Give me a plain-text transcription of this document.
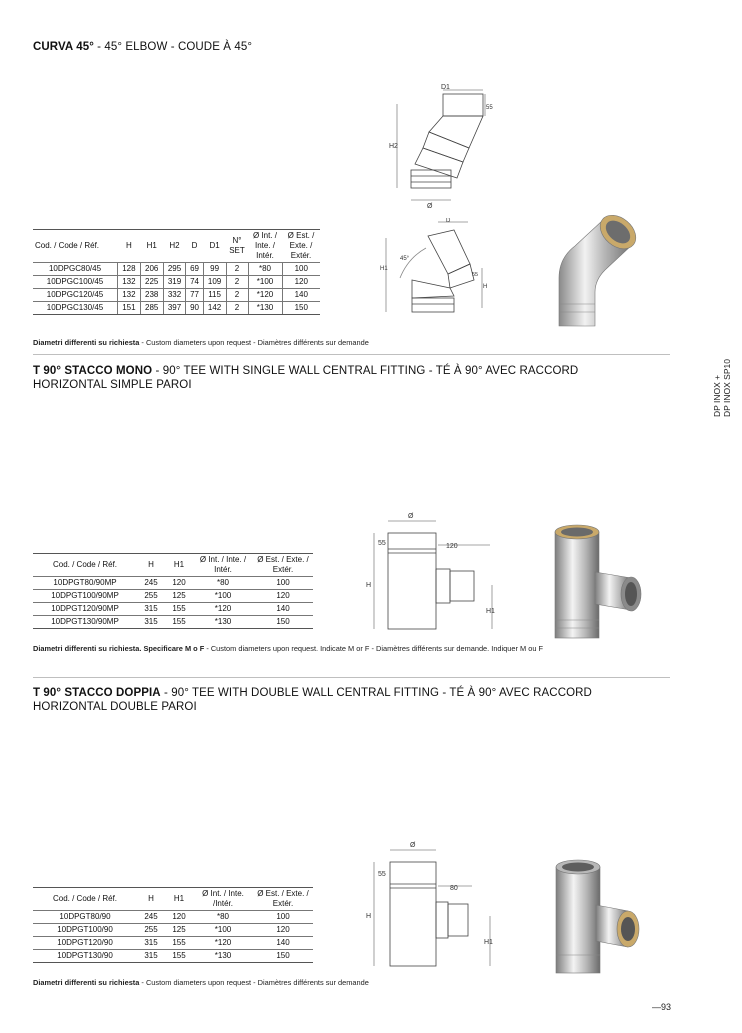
CURVA 45° - 45° ELBOW - COUDE À 45°
D1
55
H2
Ø
D
H1
45°
H
55
Cod. / Code / Réf.	H	H1	H2	D	D1	N° SET	Ø Int. / Inte. / Intér.	Ø Est. / Exte. / Extér.
10DPGC80/45	128	206	295	69	99	2	*80	100
10DPGC100/45	132	225	319	74	109	2	*100	120
10DPGC120/45	132	238	332	77	115	2	*120	140
10DPGC130/45	151	285	397	90	142	2	*130	150
Diametri differenti su richiesta - Custom diameters upon request - Diamètres différents sur demande
DP INOX + DP INOX SP10
T 90° STACCO MONO - 90° TEE WITH SINGLE WALL CENTRAL FITTING - TÉ À 90° AVEC RACCORD HORIZONTAL SIMPLE PAROI
Ø
55	120
H
H1
Cod. / Code / Réf.	H	H1	Ø Int. / Inte. / Intér.	Ø Est. / Exte. / Extér.
10DPGT80/90MP	245	120	*80	100
10DPGT100/90MP	255	125	*100	120
10DPGT120/90MP	315	155	*120	140
10DPGT130/90MP	315	155	*130	150
Diametri differenti su richiesta. Specificare M o F - Custom diameters upon request. Indicate M or F - Diamètres différents sur demande. Indiquer M ou F
T 90° STACCO DOPPIA - 90° TEE WITH DOUBLE WALL CENTRAL FITTING - TÉ À 90° AVEC RACCORD HORIZONTAL DOUBLE PAROI
Ø
55
80
H
H1
Cod. / Code / Réf.	H	H1	Ø Int. / Inte. /Intér.	Ø Est. / Exte. / Extér.
10DPGT80/90	245	120	*80	100
10DPGT100/90	255	125	*100	120
10DPGT120/90	315	155	*120	140
10DPGT130/90	315	155	*130	150
Diametri differenti su richiesta - Custom diameters upon request - Diamètres différents sur demande
—93
